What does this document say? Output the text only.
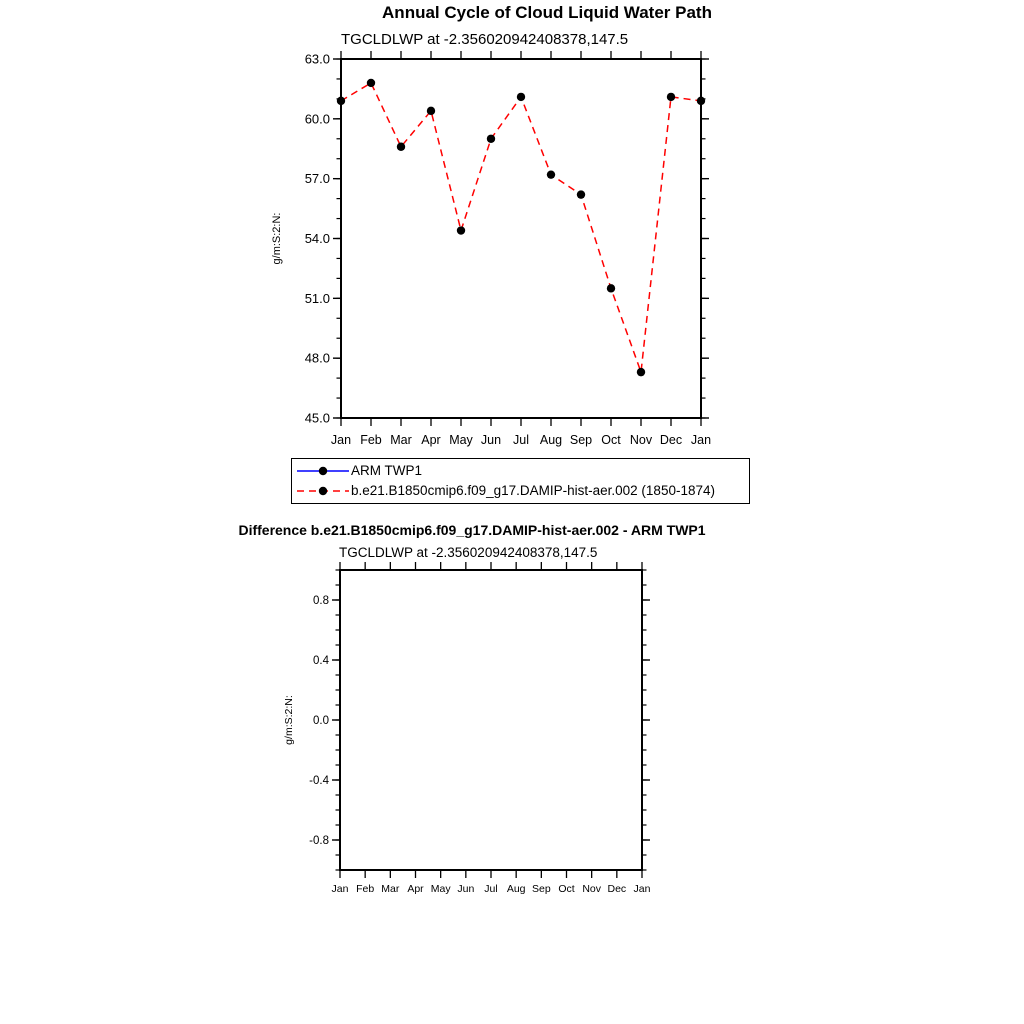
Annual Cycle of Cloud Liquid Water Path
TGCLDLWP at -2.356020942408378,147.5
Jan Feb Mar Apr May Jun Jul Aug Sep Oct Nov Dec Jan
63.0
60.0
57.0
54.0
51.0
48.0
45.0
g/m:S:2:N:
Jan Feb Mar Apr May Jun Jul Aug Sep Oct Nov Dec Jan
0.8
0.4
0.0
-0.4
-0.8
g/m:S:2:N:
ARM TWP1
b.e21.B1850cmip6.f09_g17.DAMIP-hist-aer.002 (1850-1874)
Difference b.e21.B1850cmip6.f09_g17.DAMIP-hist-aer.002 - ARM TWP1
TGCLDLWP at -2.356020942408378,147.5
